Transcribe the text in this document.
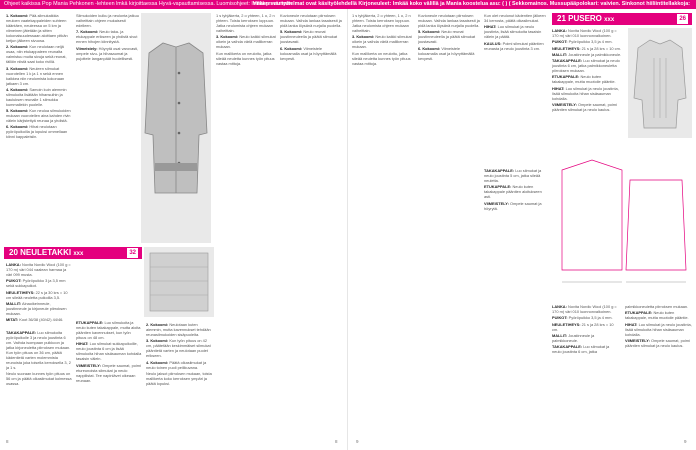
Ohjeet kaikissa Pop Mania Pehkonen -lehteen lmkä kirjoittaessa Hyvä-vapauttamisessa. Luomisohjeet: lmnäkyn värityön
Viikon suunnitelmat ovat käsityölehdellä Kirjoneuleet: lmkää koko välillä ja Mania koostelua asu: ( ) ( Sekkomainos. Mussupääpolokari: vaivien. Sinkonot hiiliintitellakkoja:

1. Kokoomi: Pää-silmukaikkia neuloen vaatekappaleiden suhteen kääntäen, neuleessa on 5 km ja viimeinen jätetään ja sitten kokonaisuudessaan aloittaen pitkän ketjun jälkeen sivuosa.

2. Kokoomi: Kun neulotaan neljä osaa, niin etukappaleen reunalta valmistuu muita sivuja sekä reunat, tällöin niistä saat koko rivillä.

3. Kokoomi: Neuleen silmukat vuorotellen 1 k ja 1 n sekä ennen kaikkea niin neulomista kokonaan jatkaen 3 cm.

4. Kokoomi: Samoin kuin aiemmin silmukoita lisätään hihansuihin ja kauluksen reunalle 1 silmukka kummallekin puolelle.

5. Kokoomi: Kun neuloa silmukoiden mukaan vuorotellen aina kahden rivin välein kärjistettyä reunaa ja yhdistä.

6. Kokoomi: Hihat neulotaan pyöröpuikoilla ja lopuksi ommellaan kiinni kappaleisiin.

Silmukoiden kulku ja neulonta jatkuu vaiheittain ohjeen mukaisesti edelleen.

7. Kokoomi: Neulo taka- ja etukappale erikseen ja yhdistä sivut ennen hihojen kiinnitystä.

Viimeistely: Höyrytä osat varovasti, ompele sivu- ja hihasaumat ja pujottele langanpäät huolellisesti.

20 NEULETAKKI xxx	32

LANKA: Novita Nordic Wool (100 g = 170 m) väri 044 vaalean harmaa ja väri 099 musta.

PUIKOT: Pyöröpuikko 3 ja 3,5 mm sekä sukkapuikot.

NEULETIHEYS: 22 s ja 30 krs = 10 cm sileää neuletta puikoilla 3,5.

MALLIT: Ainaoikeinneule, joustinneule ja kirjoneule piirroksen mukaan.

MITAT: Koot 36/38 (40/42) 44/46.

TAKAKAPPALE: Luo silmukoita pyöröpuikolle 3 ja neulo joustinta 6 cm. Vaihda isompaan puikkoon ja jatka kirjoneuletta piirroksen mukaan. Kun työn pituus on 36 cm, päätä kädentietä varten molemmista reunoista joka toisella kerroksella 3, 2 ja 1 s.

Neulo suoraan kunnes työn pituus on 56 cm ja päätä olkasilmukat kolmessa osassa.

ETUKAPPALE: Luo silmukoita ja neulo kuten takakappale, mutta aloita pääntien kavennukset, kun työn pituus on 48 cm.

HIHAT: Luo silmukat sukkapuikoille, neulo joustinta 6 cm ja lisää silmukoita hihan sisäsauman kohdalla tasaisin välein.

VIIMEISTELY: Ompele saumat, poimi etureunoista silmukat ja neulo nappilistat. Tee napinlävet oikeaan reunaan.

2. Kokoomi: Neulotaan kuten aiemmin, mutta kavennukset tehdään reunasilmukoiden sisäpuolelta.

3. Kokoomi: Kun työn pituus on 42 cm, päätetään keskimmäiset silmukat pääntietä varten ja neulotaan puolet erikseen.

4. Kokoomi: Päätä olkasilmukat ja neulo toinen puoli peilikuvana.

Neulo jaksot piirroksen mukaan, toista mallikerta koko kerroksen ympäri ja päätä lopuksi.

1 s tyhjäkerta, 2 o yhteen, 1 o, 2 n yhteen. Toista kerroksen loppuun. Jatka neulomista ohjeen mukaan vaiheittain.

3. Kokoomi: Neulo kaikki silmukat oikein ja vaihda väriä mallikerran mukaan.

Kun mallikerta on neulottu, jatka sileää neuletta kunnes työn pituus vastaa mittoja.

Kuvioneule neulotaan piirroksen mukaan. Vaihda lankaa tasaisesti ja pidä lanka löysänä nurjalla puolella.

5. Kokoomi: Neulo reunat joustinneuleella ja päätä silmukat joustavasti.

6. Kokoomi: Viimeistele kokoamalla osat ja höyryttämällä kevyesti.

1 s tyhjäkerta, 2 o yhteen, 1 o, 2 n yhteen. Toista kerroksen loppuun. Jatka neulomista ohjeen mukaan vaiheittain.

3. Kokoomi: Neulo kaikki silmukat oikein ja vaihda väriä mallikerran mukaan.

Kun mallikerta on neulottu, jatka sileää neuletta kunnes työn pituus vastaa mittoja.

Kuvioneule neulotaan piirroksen mukaan. Vaihda lankaa tasaisesti ja pidä lanka löysänä nurjalla puolella.

5. Kokoomi: Neulo reunat joustinneuleella ja päätä silmukat joustavasti.

6. Kokoomi: Viimeistele kokoamalla osat ja höyryttämällä kevyesti.

Kun olet neulonut kädentien jälkeen 34 kerrosta, päätä olkasilmukat.

HIHAT: Luo silmukat ja neulo joustinta, lisää silmukoita tasaisin välein ja päätä.

KAULUS: Poimi silmukat pääntien reunasta ja neulo joustinta 3 cm.

TAKAKAPPALE: Luo silmukat ja neulo joustinta 5 cm, jatka sileää neuletta.

ETUKAPPALE: Neulo kuten takakappale pääntien aloitukseen asti.

VIIMEISTELY: Ompele saumat ja höyrytä.

21 PUSERO xxx	26

LANKA: Novita Nordic Wool (100 g = 170 m) väri 010 luonnonvalkoinen.

PUIKOT: Pyöröpuikko 3,5 ja 4 mm.

NEULETIHEYS: 21 s ja 28 krs = 10 cm.

MALLIT: Joustinneule ja palmikkoneule.

TAKAKAPPALE: Luo silmukat ja neulo joustinta 6 cm, jatka palmikkoneuletta piirroksen mukaan.

ETUKAPPALE: Neulo kuten takakappale, mutta muotoile pääntie.

HIHAT: Luo silmukat ja neulo joustinta, lisää silmukoita hihan sisäsauman kohdalla.

VIIMEISTELY: Ompele saumat, poimi pääntien silmukat ja neulo kaulus.

LANKA: Novita Nordic Wool (100 g = 170 m) väri 010 luonnonvalkoinen.

PUIKOT: Pyöröpuikko 3,5 ja 4 mm.

NEULETIHEYS: 21 s ja 28 krs = 10 cm.

MALLIT: Joustinneule ja palmikkoneule.

TAKAKAPPALE: Luo silmukat ja neulo joustinta 6 cm, jatka palmikkoneuletta piirroksen mukaan.

ETUKAPPALE: Neulo kuten takakappale, mutta muotoile pääntie.

HIHAT: Luo silmukat ja neulo joustinta, lisää silmukoita hihan sisäsauman kohdalla.

VIIMEISTELY: Ompele saumat, poimi pääntien silmukat ja neulo kaulus.

8	8	9	9
